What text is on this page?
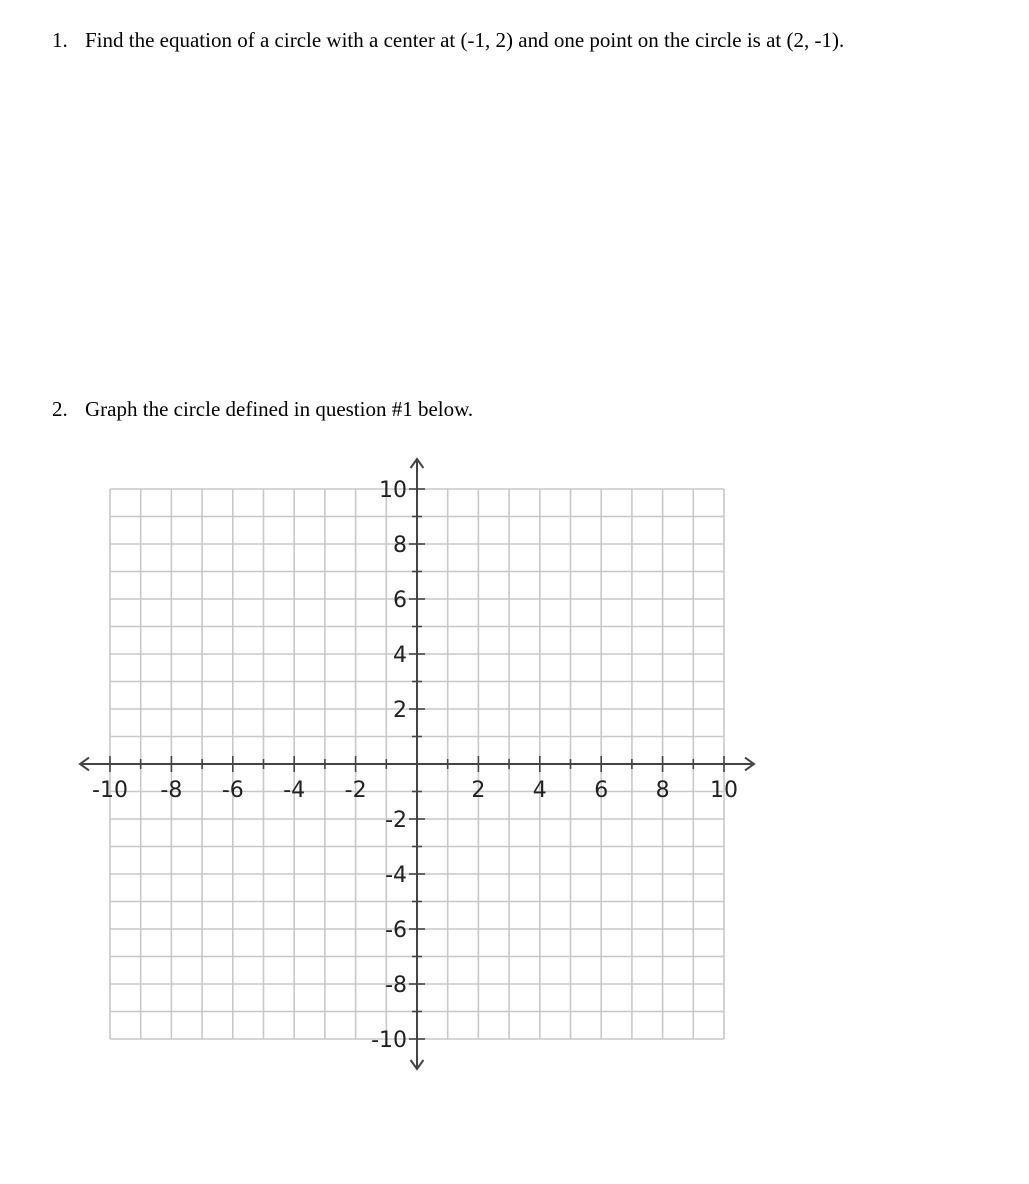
1. Find the equation of a circle with a center at (-1, 2) and one point on the circle is at (2, -1).
2. Graph the circle defined in question #1 below.
-10 -8 -6 -4 -2	2 4 6 8 10
10
8
6
4
2
-2
-4
-6
-8
-10
